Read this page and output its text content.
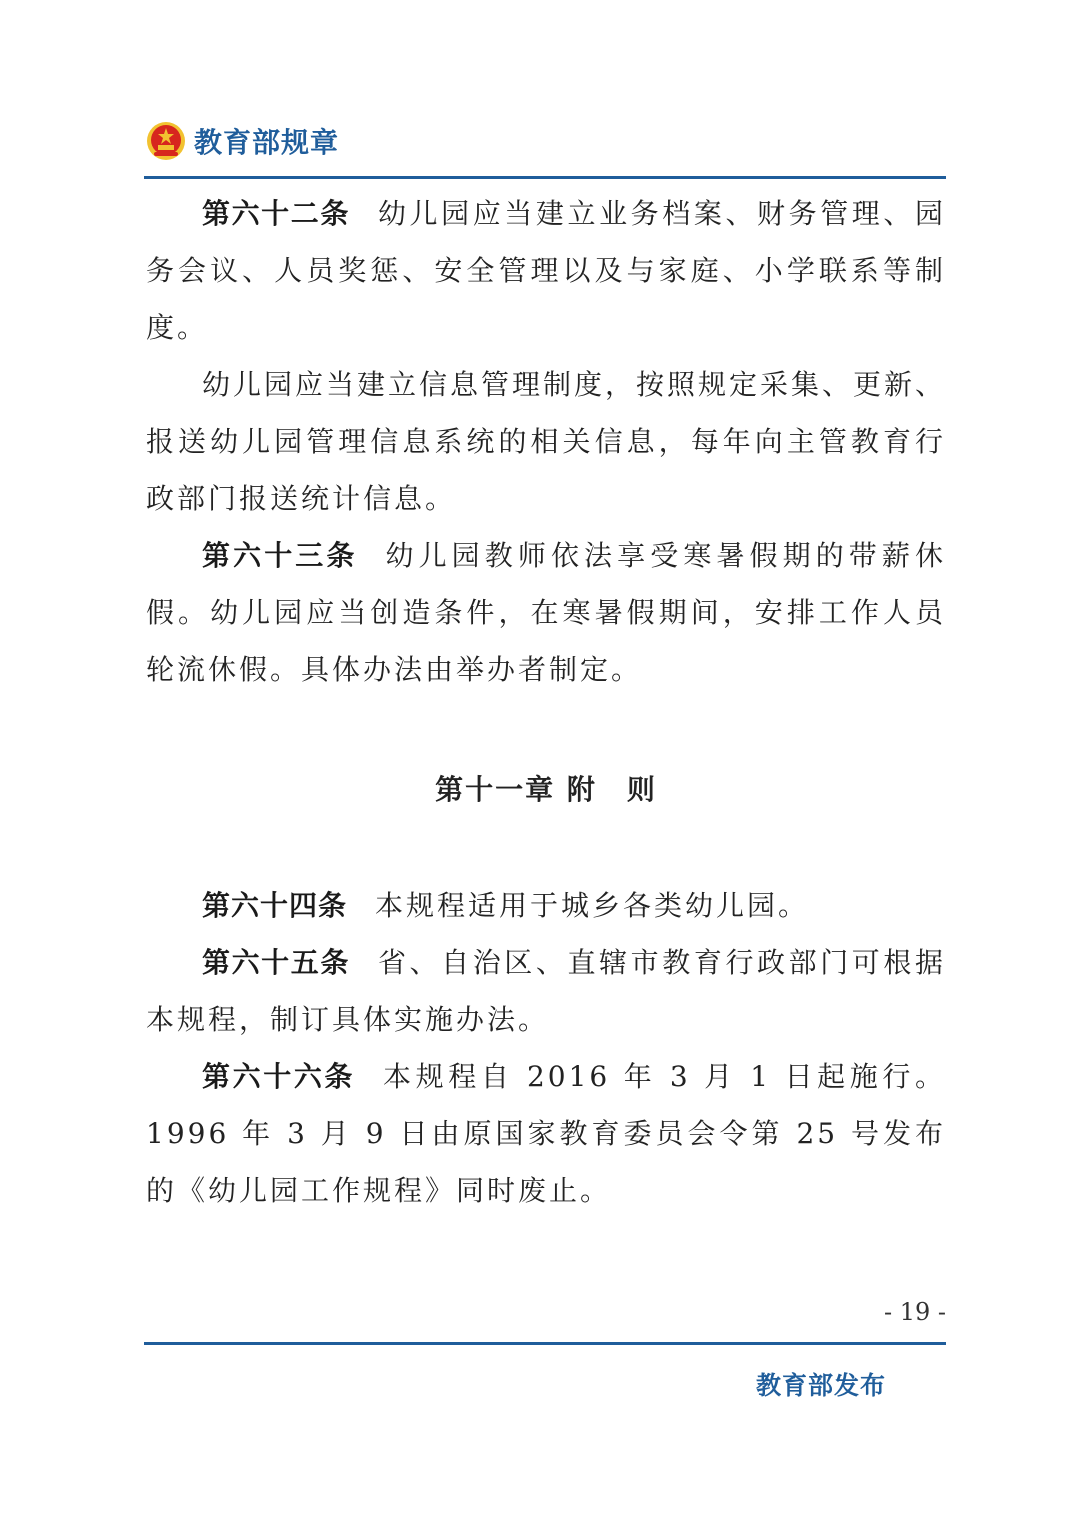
教育部规章

第六十二条 幼儿园应当建立业务档案、财务管理、园务会议、人员奖惩、安全管理以及与家庭、小学联系等制度。

幼儿园应当建立信息管理制度，按照规定采集、更新、报送幼儿园管理信息系统的相关信息，每年向主管教育行政部门报送统计信息。

第六十三条 幼儿园教师依法享受寒暑假期的带薪休假。幼儿园应当创造条件，在寒暑假期间，安排工作人员轮流休假。具体办法由举办者制定。

第十一章 附　则

第六十四条 本规程适用于城乡各类幼儿园。

第六十五条 省、自治区、直辖市教育行政部门可根据本规程，制订具体实施办法。

第六十六条 本规程自 2016 年 3 月 1 日起施行。1996 年 3 月 9 日由原国家教育委员会令第 25 号发布的《幼儿园工作规程》同时废止。

- 19 -
教育部发布
